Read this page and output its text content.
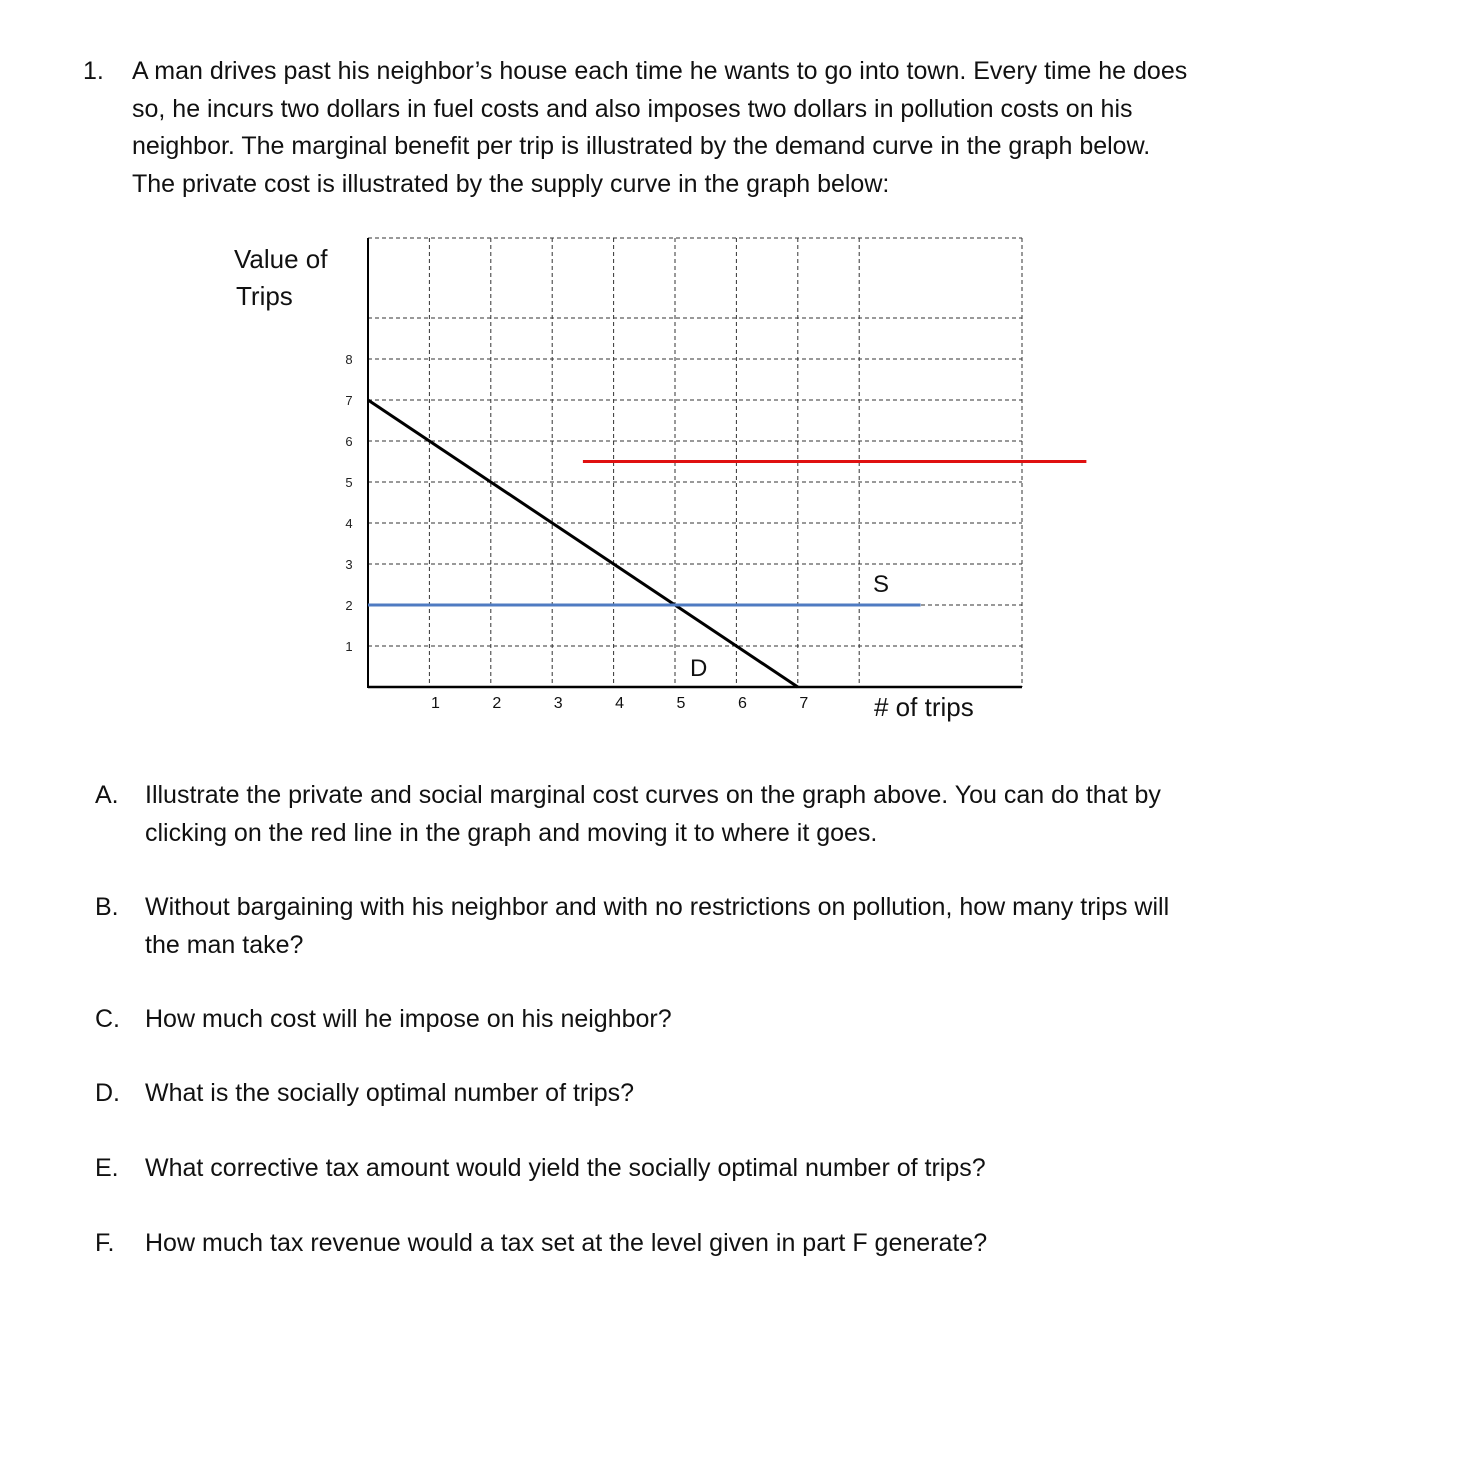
1. A man drives past his neighbor’s house each time he wants to go into town. Every time he does
so, he incurs two dollars in fuel costs and also imposes two dollars in pollution costs on his
neighbor. The marginal benefit per trip is illustrated by the demand curve in the graph below.
The private cost is illustrated by the supply curve in the graph below:
1	2	3	4	5	6	7
1
2
3
4
5
6
7
8
Value of
Trips
# of trips
S
D
A. Illustrate the private and social marginal cost curves on the graph above. You can do that by
clicking on the red line in the graph and moving it to where it goes.
B. Without bargaining with his neighbor and with no restrictions on pollution, how many trips will
the man take?
C. How much cost will he impose on his neighbor?
D. What is the socially optimal number of trips?
E. What corrective tax amount would yield the socially optimal number of trips?
F. How much tax revenue would a tax set at the level given in part F generate?
